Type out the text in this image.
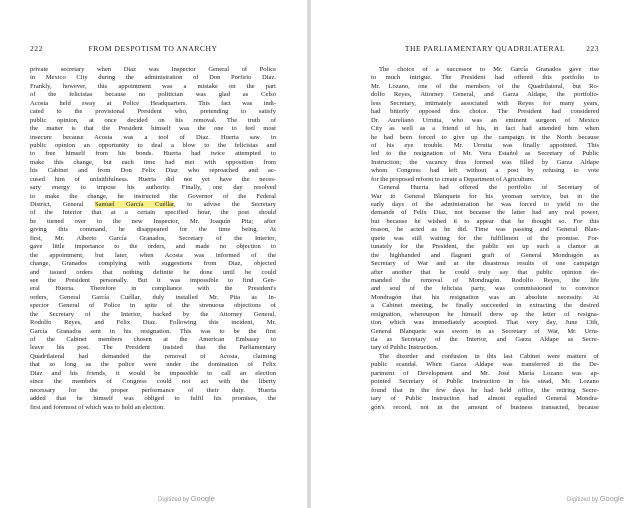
222	FROM DESPOTISM TO ANARCHY
private secretary when Diaz was Inspector General of Police
in Mexico City during the administration of Don Porfirio Diaz.
Frankly, however, this appointment was a mistake on the part
of the felicistas because no politician was glad as Celso
Acosta held sway at Police Headquarters. This fact was indi-
cated to the provisional President who, pretending to satisfy
public opinion, at once decided on his removal. The truth of
the matter is that the President himself was the one to feel most
insecure because Acosta was a tool of Diaz. Huerta saw in
public opinion an opportunity to deal a blow to the felicistas and
to free himself from his bonds. Huerta had twice attempted to
make this change, but each time had met with opposition from
his Cabinet and from Don Felix Diaz who reproached and ac-
cused him of unfaithfulness. Huerta did not yet have the neces-
sary energy to impose his authority. Finally, one day resolved
to make the change, he instructed the Governor of the Federal
District, General Samuel García Cuéllar, to advise the Secretary
of the Interior that at a certain specified hour, the post should
be turned over to the new Inspector, Mr. Joaquín Pita; after
giving this command, he disappeared for the time being. At
first, Mr. Alberto García Granados, Secretary of the Interior,
gave little importance to the orders, and made no objection to
the appointment, but later, when Acosta was informed of the
change, Granados complying with suggestions from Diaz, objected
and issued orders that nothing definite be done until he could
see the President personally. But it was impossible to find Gen-
eral Huerta. Therefore in compliance with the President's
orders, General García Cuéllar, duly installed Mr. Pita as In-
spector General of Police in spite of the strenuous objections of
the Secretary of the Interior, backed by the Attorney General,
Rodolfo Reyes, and Felix Diaz. Following this incident, Mr.
García Granados sent in his resignation. This was to be the first
of the Cabinet members chosen at the American Embassy to
leave his post. The President insisted that the Parliamentary
Quadrilateral had demanded the removal of Acosta, claiming
that so long as the police were under the domination of Felix
Diaz and his friends, it would be impossible to call an election
since the members of Congress could not act with the liberty
necessary for the proper performance of their duty. Huerta
added that he himself was obliged to fulfil his promises, the
first and foremost of which was to hold an election.
Digitized by Google
THE PARLIAMENTARY QUADRILATERAL	223
The choice of a successor to Mr. García Granados gave rise
to much intrigue. The President had offered this portfolio to
Mr. Lozano, one of the members of the Quadrilateral, but Ro-
dolfo Reyes, Attorney General, and Garza Aldape, the portfolio-
less Secretary, intimately associated with Reyes for many years,
had bitterly opposed this choice. The President had considered
Dr. Aureliano Urrutia, who was an eminent surgeon of Mexico
City as well as a friend of his, in fact had attended him when
he had been forced to give up the campaign in the North because
of his eye trouble. Mr. Urrutia was finally appointed. This
led to the resignation of Mr. Vera Estañol as Secretary of Public
Instruction; the vacancy thus formed was filled by Garza Aldape
whom Congress had left without a post by refusing to vote
for the proposed reform to create a Department of Agriculture.
General Huerta had offered the portfolio of Secretary of
War to General Blanquete for his yeoman service, but in the
early days of the administration he was forced to yield to the
demands of Felix Diaz, not because the latter had any real power,
but because he wished it to appear that he thought so. For this
reason, he acted as he did. Time was passing and General Blan-
quete was still waiting for the fulfillment of the promise. For-
tunately for the President, the public set up such a clamor at
the highhanded and flagrant graft of General Mondragón as
Secretary of War and at the disastrous results of one campaign
after another that he could truly say that public opinion de-
manded the removal of Mondragón. Rodolfo Reyes, the life
and soul of the felicista party, was commissioned to convince
Mondragón that his resignation was an absolute necessity. At
a Cabinet meeting, he finally succeeded in extracting the desired
resignation, whereupon he himself drew up the letter of resigna-
tion which was immediately accepted. That very day, June 13th,
General Blanquete was sworn in as Secretary of War, Mr. Urru-
tia as Secretary of the Interior, and Garza Aldape as Secre-
tary of Public Instruction.
The disorder and confusion in this last Cabinet were matters of
public scandal. When Garza Aldape was transferred to the De-
partment of Development and Mr. José María Lozano was ap-
pointed Secretary of Public Instruction in his stead, Mr. Lozano
found that in the few days he had held office, the retiring Secre-
tary of Public Instruction had almost equalled General Mondra-
gón's record, not in the amount of business transacted, because
Digitized by Google
